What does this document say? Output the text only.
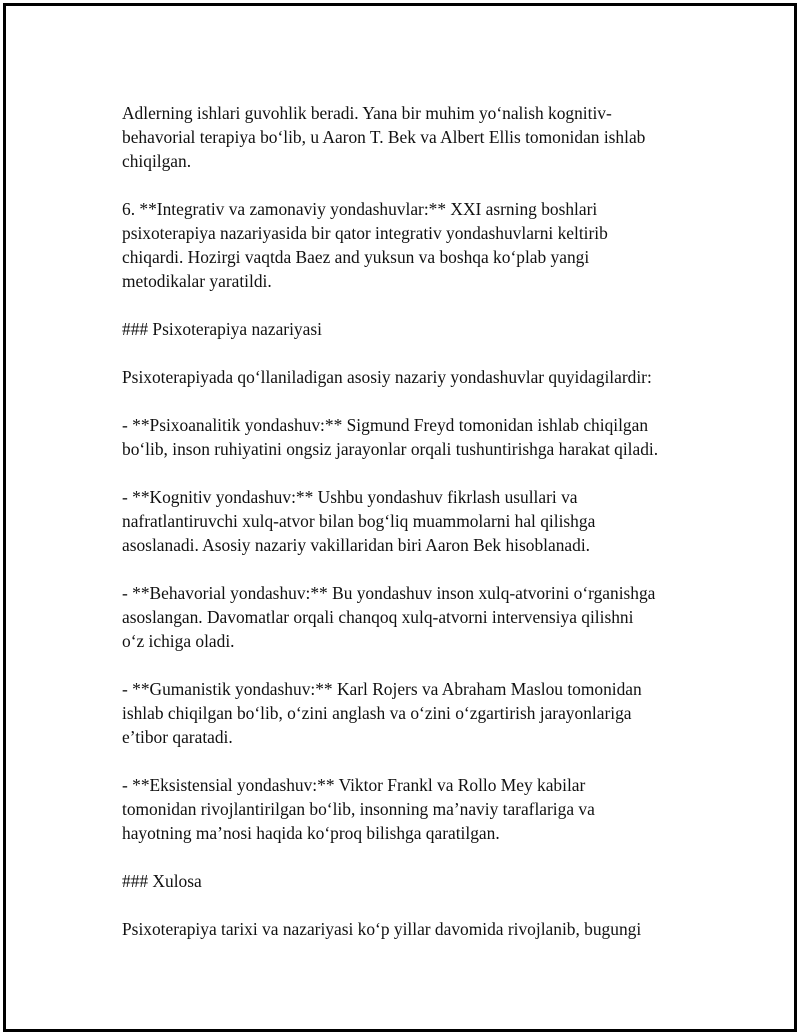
Adlerning ishlari guvohlik beradi. Yana bir muhim yo‘nalish kognitiv-
behavorial terapiya bo‘lib, u Aaron T. Bek va Albert Ellis tomonidan ishlab
chiqilgan.

6. **Integrativ va zamonaviy yondashuvlar:** XXI asrning boshlari
psixoterapiya nazariyasida bir qator integrativ yondashuvlarni keltirib
chiqardi. Hozirgi vaqtda Baez and yuksun va boshqa ko‘plab yangi
metodikalar yaratildi.

### Psixoterapiya nazariyasi

Psixoterapiyada qo‘llaniladigan asosiy nazariy yondashuvlar quyidagilardir:

- **Psixoanalitik yondashuv:** Sigmund Freyd tomonidan ishlab chiqilgan
bo‘lib, inson ruhiyatini ongsiz jarayonlar orqali tushuntirishga harakat qiladi.

- **Kognitiv yondashuv:** Ushbu yondashuv fikrlash usullari va
nafratlantiruvchi xulq-atvor bilan bog‘liq muammolarni hal qilishga
asoslanadi. Asosiy nazariy vakillaridan biri Aaron Bek hisoblanadi.

- **Behavorial yondashuv:** Bu yondashuv inson xulq-atvorini o‘rganishga
asoslangan. Davomatlar orqali chanqoq xulq-atvorni intervensiya qilishni
o‘z ichiga oladi.

- **Gumanistik yondashuv:** Karl Rojers va Abraham Maslou tomonidan
ishlab chiqilgan bo‘lib, o‘zini anglash va o‘zini o‘zgartirish jarayonlariga
e’tibor qaratadi.

- **Eksistensial yondashuv:** Viktor Frankl va Rollo Mey kabilar
tomonidan rivojlantirilgan bo‘lib, insonning ma’naviy taraflariga va
hayotning ma’nosi haqida ko‘proq bilishga qaratilgan.

### Xulosa

Psixoterapiya tarixi va nazariyasi ko‘p yillar davomida rivojlanib, bugungi
